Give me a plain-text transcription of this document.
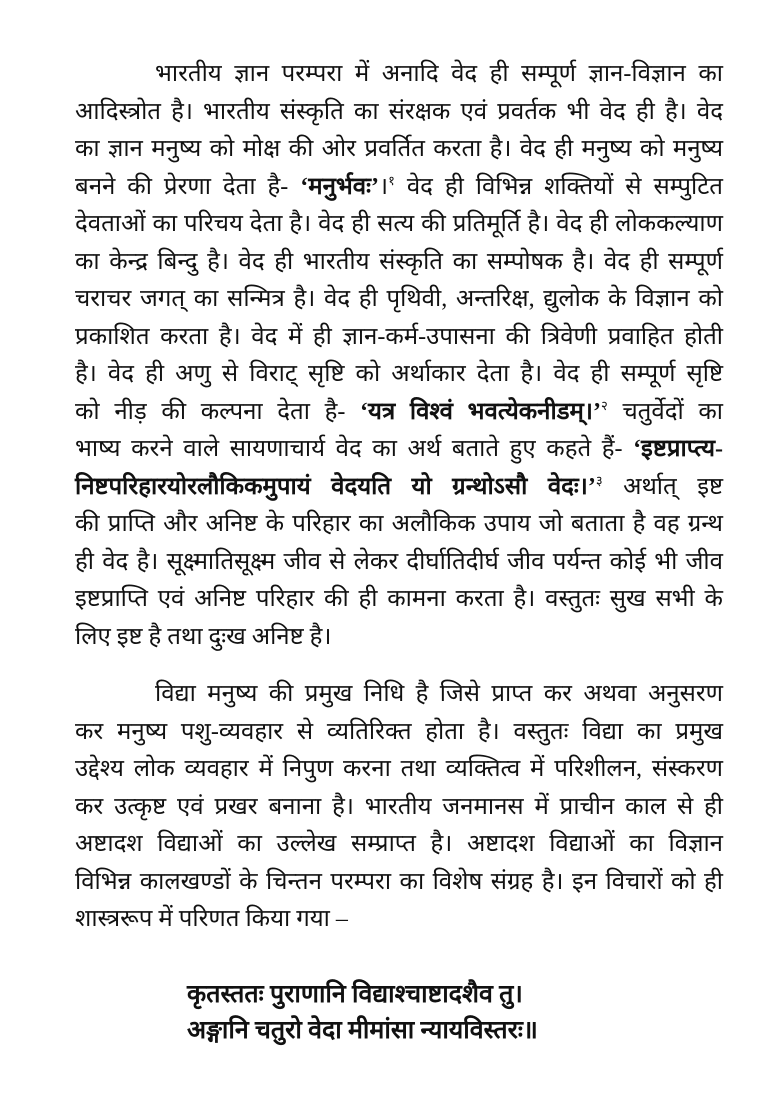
भारतीय ज्ञान परम्परा में अनादि वेद ही सम्पूर्ण ज्ञान-विज्ञान का
आदिस्त्रोत है। भारतीय संस्कृति का संरक्षक एवं प्रवर्तक भी वेद ही है। वेद
का ज्ञान मनुष्य को मोक्ष की ओर प्रवर्तित करता है। वेद ही मनुष्य को मनुष्य
बनने की प्रेरणा देता है- ‘मनुर्भवः’।$^१$ वेद ही विभिन्न शक्तियों से सम्पुटित
देवताओं का परिचय देता है। वेद ही सत्य की प्रतिमूर्ति है। वेद ही लोककल्याण
का केन्द्र बिन्दु है। वेद ही भारतीय संस्कृति का सम्पोषक है। वेद ही सम्पूर्ण
चराचर जगत् का सन्मित्र है। वेद ही पृथिवी, अन्तरिक्ष, द्युलोक के विज्ञान को
प्रकाशित करता है। वेद में ही ज्ञान-कर्म-उपासना की त्रिवेणी प्रवाहित होती
है। वेद ही अणु से विराट् सृष्टि को अर्थाकार देता है। वेद ही सम्पूर्ण सृष्टि
को नीड़ की कल्पना देता है- ‘यत्र विश्वं भवत्येकनीडम्।’$^२$ चतुर्वेदों का
भाष्य करने वाले सायणाचार्य वेद का अर्थ बताते हुए कहते हैं- ‘इष्टप्राप्त्य-
निष्टपरिहारयोरलौकिकमुपायं वेदयति यो ग्रन्थोऽसौ वेदः।’$^३$ अर्थात् इष्ट
की प्राप्ति और अनिष्ट के परिहार का अलौकिक उपाय जो बताता है वह ग्रन्थ
ही वेद है। सूक्ष्मातिसूक्ष्म जीव से लेकर दीर्घातिदीर्घ जीव पर्यन्त कोई भी जीव
इष्टप्राप्ति एवं अनिष्ट परिहार की ही कामना करता है। वस्तुतः सुख सभी के
लिए इष्ट है तथा दुःख अनिष्ट है।
विद्या मनुष्य की प्रमुख निधि है जिसे प्राप्त कर अथवा अनुसरण
कर मनुष्य पशु-व्यवहार से व्यतिरिक्त होता है। वस्तुतः विद्या का प्रमुख
उद्देश्य लोक व्यवहार में निपुण करना तथा व्यक्तित्व में परिशीलन, संस्करण
कर उत्कृष्ट एवं प्रखर बनाना है। भारतीय जनमानस में प्राचीन काल से ही
अष्टादश विद्याओं का उल्लेख सम्प्राप्त है। अष्टादश विद्याओं का विज्ञान
विभिन्न कालखण्डों के चिन्तन परम्परा का विशेष संग्रह है। इन विचारों को ही
शास्त्ररूप में परिणत किया गया –
कृतस्ततः पुराणानि विद्याश्चाष्टादशैव तु।
अङ्गानि चतुरो वेदा मीमांसा न्यायविस्तरः॥
